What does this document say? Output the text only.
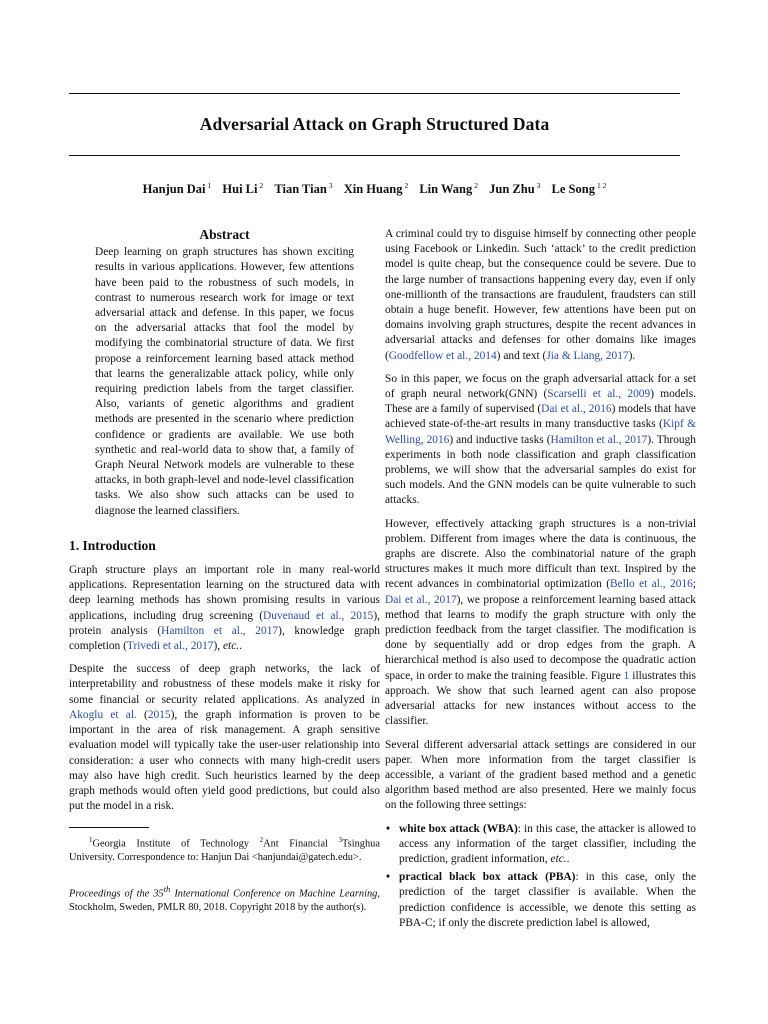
Adversarial Attack on Graph Structured Data
Hanjun Dai $^1$ Hui Li $^2$ Tian Tian $^3$ Xin Huang $^2$ Lin Wang $^2$ Jun Zhu $^3$ Le Song $^{1 2}$
Abstract

Deep learning on graph structures has shown exciting results in various applications. However, few attentions have been paid to the robustness of such models, in contrast to numerous research work for image or text adversarial attack and defense. In this paper, we focus on the adversarial attacks that fool the model by modifying the combinatorial structure of data. We first propose a reinforcement learning based attack method that learns the generalizable attack policy, while only requiring prediction labels from the target classifier. Also, variants of genetic algorithms and gradient methods are presented in the scenario where prediction confidence or gradients are available. We use both synthetic and real-world data to show that, a family of Graph Neural Network models are vulnerable to these attacks, in both graph-level and node-level classification tasks. We also show such attacks can be used to diagnose the learned classifiers.

1. Introduction

Graph structure plays an important role in many real-world applications. Representation learning on the structured data with deep learning methods has shown promising results in various applications, including drug screening (Duvenaud et al., 2015), protein analysis (Hamilton et al., 2017), knowledge graph completion (Trivedi et al., 2017), etc..

Despite the success of deep graph networks, the lack of interpretability and robustness of these models make it risky for some financial or security related applications. As analyzed in Akoglu et al. (2015), the graph information is proven to be important in the area of risk management. A graph sensitive evaluation model will typically take the user-user relationship into consideration: a user who connects with many high-credit users may also have high credit. Such heuristics learned by the deep graph methods would often yield good predictions, but could also put the model in a risk.

$^1$Georgia Institute of Technology $^2$Ant Financial $^3$Tsinghua University. Correspondence to: Hanjun Dai <hanjundai@gatech.edu>.

Proceedings of the 35th International Conference on Machine Learning, Stockholm, Sweden, PMLR 80, 2018. Copyright 2018 by the author(s).

A criminal could try to disguise himself by connecting other people using Facebook or Linkedin. Such ‘attack’ to the credit prediction model is quite cheap, but the consequence could be severe. Due to the large number of transactions happening every day, even if only one-millionth of the transactions are fraudulent, fraudsters can still obtain a huge benefit. However, few attentions have been put on domains involving graph structures, despite the recent advances in adversarial attacks and defenses for other domains like images (Goodfellow et al., 2014) and text (Jia & Liang, 2017).

So in this paper, we focus on the graph adversarial attack for a set of graph neural network(GNN) (Scarselli et al., 2009) models. These are a family of supervised (Dai et al., 2016) models that have achieved state-of-the-art results in many transductive tasks (Kipf & Welling, 2016) and inductive tasks (Hamilton et al., 2017). Through experiments in both node classification and graph classification problems, we will show that the adversarial samples do exist for such models. And the GNN models can be quite vulnerable to such attacks.

However, effectively attacking graph structures is a non-trivial problem. Different from images where the data is continuous, the graphs are discrete. Also the combinatorial nature of the graph structures makes it much more difficult than text. Inspired by the recent advances in combinatorial optimization (Bello et al., 2016; Dai et al., 2017), we propose a reinforcement learning based attack method that learns to modify the graph structure with only the prediction feedback from the target classifier. The modification is done by sequentially add or drop edges from the graph. A hierarchical method is also used to decompose the quadratic action space, in order to make the training feasible. Figure 1 illustrates this approach. We show that such learned agent can also propose adversarial attacks for new instances without access to the classifier.

Several different adversarial attack settings are considered in our paper. When more information from the target classifier is accessible, a variant of the gradient based method and a genetic algorithm based method are also presented. Here we mainly focus on the following three settings:

• white box attack (WBA): in this case, the attacker is allowed to access any information of the target classifier, including the prediction, gradient information, etc..
• practical black box attack (PBA): in this case, only the prediction of the target classifier is available. When the prediction confidence is accessible, we denote this setting as PBA-C; if only the discrete prediction label is allowed,
